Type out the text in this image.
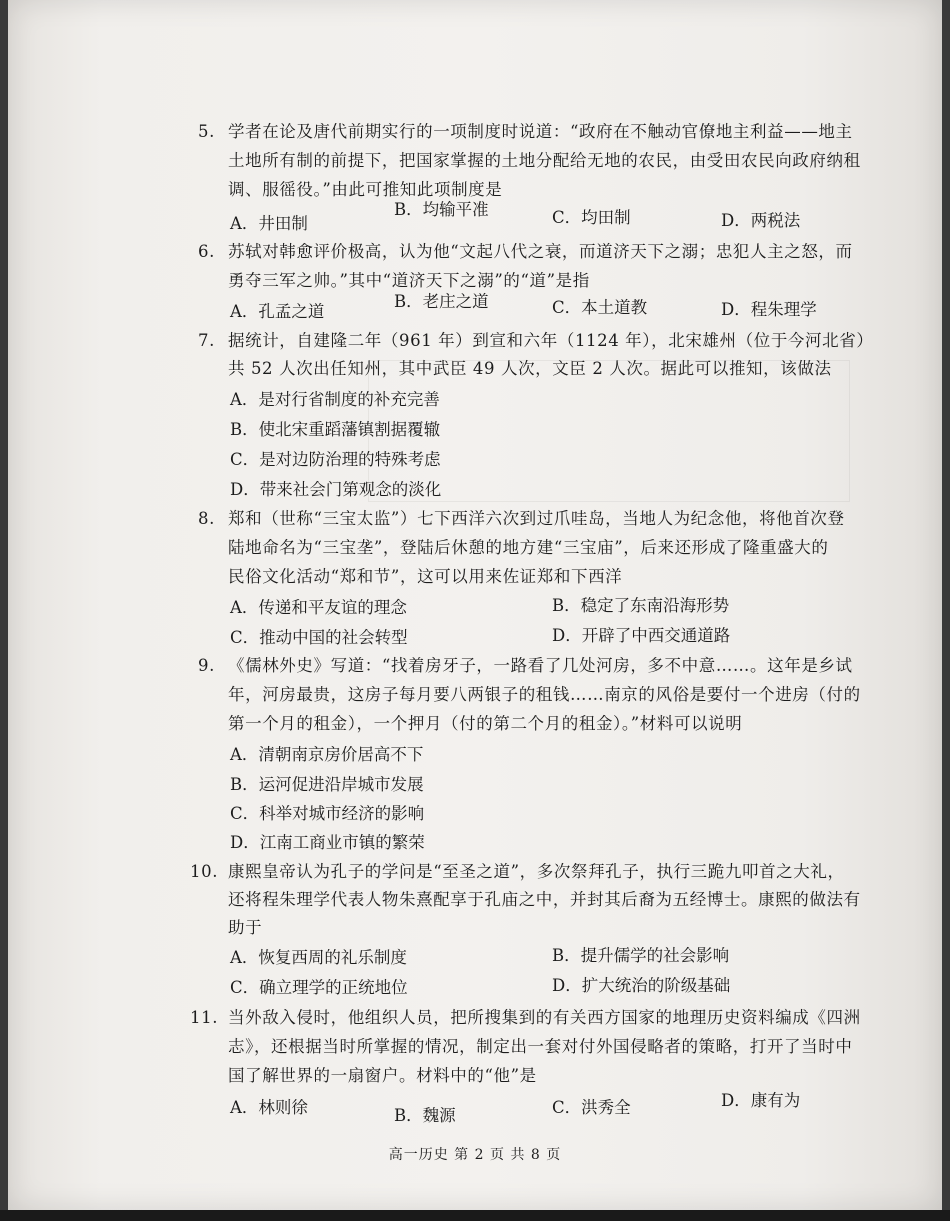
5. 学者在论及唐代前期实行的一项制度时说道：“政府在不触动官僚地主利益——地主
土地所有制的前提下，把国家掌握的土地分配给无地的农民，由受田农民向政府纳租
调、服徭役。”由此可推知此项制度是
A．井田制
B．均输平准	C．均田制	D．两税法
6. 苏轼对韩愈评价极高，认为他“文起八代之衰，而道济天下之溺；忠犯人主之怒，而
勇夺三军之帅。”其中“道济天下之溺”的“道”是指
A．孔孟之道
B．老庄之道	C．本土道教	D．程朱理学
7. 据统计，自建隆二年（961 年）到宣和六年（1124 年），北宋雄州（位于今河北省）
共 52 人次出任知州，其中武臣 49 人次，文臣 2 人次。据此可以推知，该做法
A．是对行省制度的补充完善
B．使北宋重蹈藩镇割据覆辙
C．是对边防治理的特殊考虑
D．带来社会门第观念的淡化
8. 郑和（世称“三宝太监”）七下西洋六次到过爪哇岛，当地人为纪念他，将他首次登
陆地命名为“三宝垄”，登陆后休憩的地方建“三宝庙”，后来还形成了隆重盛大的
民俗文化活动“郑和节”，这可以用来佐证郑和下西洋
A．传递和平友谊的理念	B．稳定了东南沿海形势
C．推动中国的社会转型	D．开辟了中西交通道路
9. 《儒林外史》写道：“找着房牙子，一路看了几处河房，多不中意……。这年是乡试
年，河房最贵，这房子每月要八两银子的租钱……南京的风俗是要付一个进房（付的
第一个月的租金），一个押月（付的第二个月的租金）。”材料可以说明
A．清朝南京房价居高不下
B．运河促进沿岸城市发展
C．科举对城市经济的影响
D．江南工商业市镇的繁荣
10. 康熙皇帝认为孔子的学问是“至圣之道”，多次祭拜孔子，执行三跪九叩首之大礼，
还将程朱理学代表人物朱熹配享于孔庙之中，并封其后裔为五经博士。康熙的做法有
助于
A．恢复西周的礼乐制度	B．提升儒学的社会影响
C．确立理学的正统地位	D．扩大统治的阶级基础
11. 当外敌入侵时，他组织人员，把所搜集到的有关西方国家的地理历史资料编成《四洲
志》，还根据当时所掌握的情况，制定出一套对付外国侵略者的策略，打开了当时中
国了解世界的一扇窗户。材料中的“他”是
A．林则徐	B．魏源	C．洪秀全	D．康有为
高一历史 第 2 页 共 8 页
